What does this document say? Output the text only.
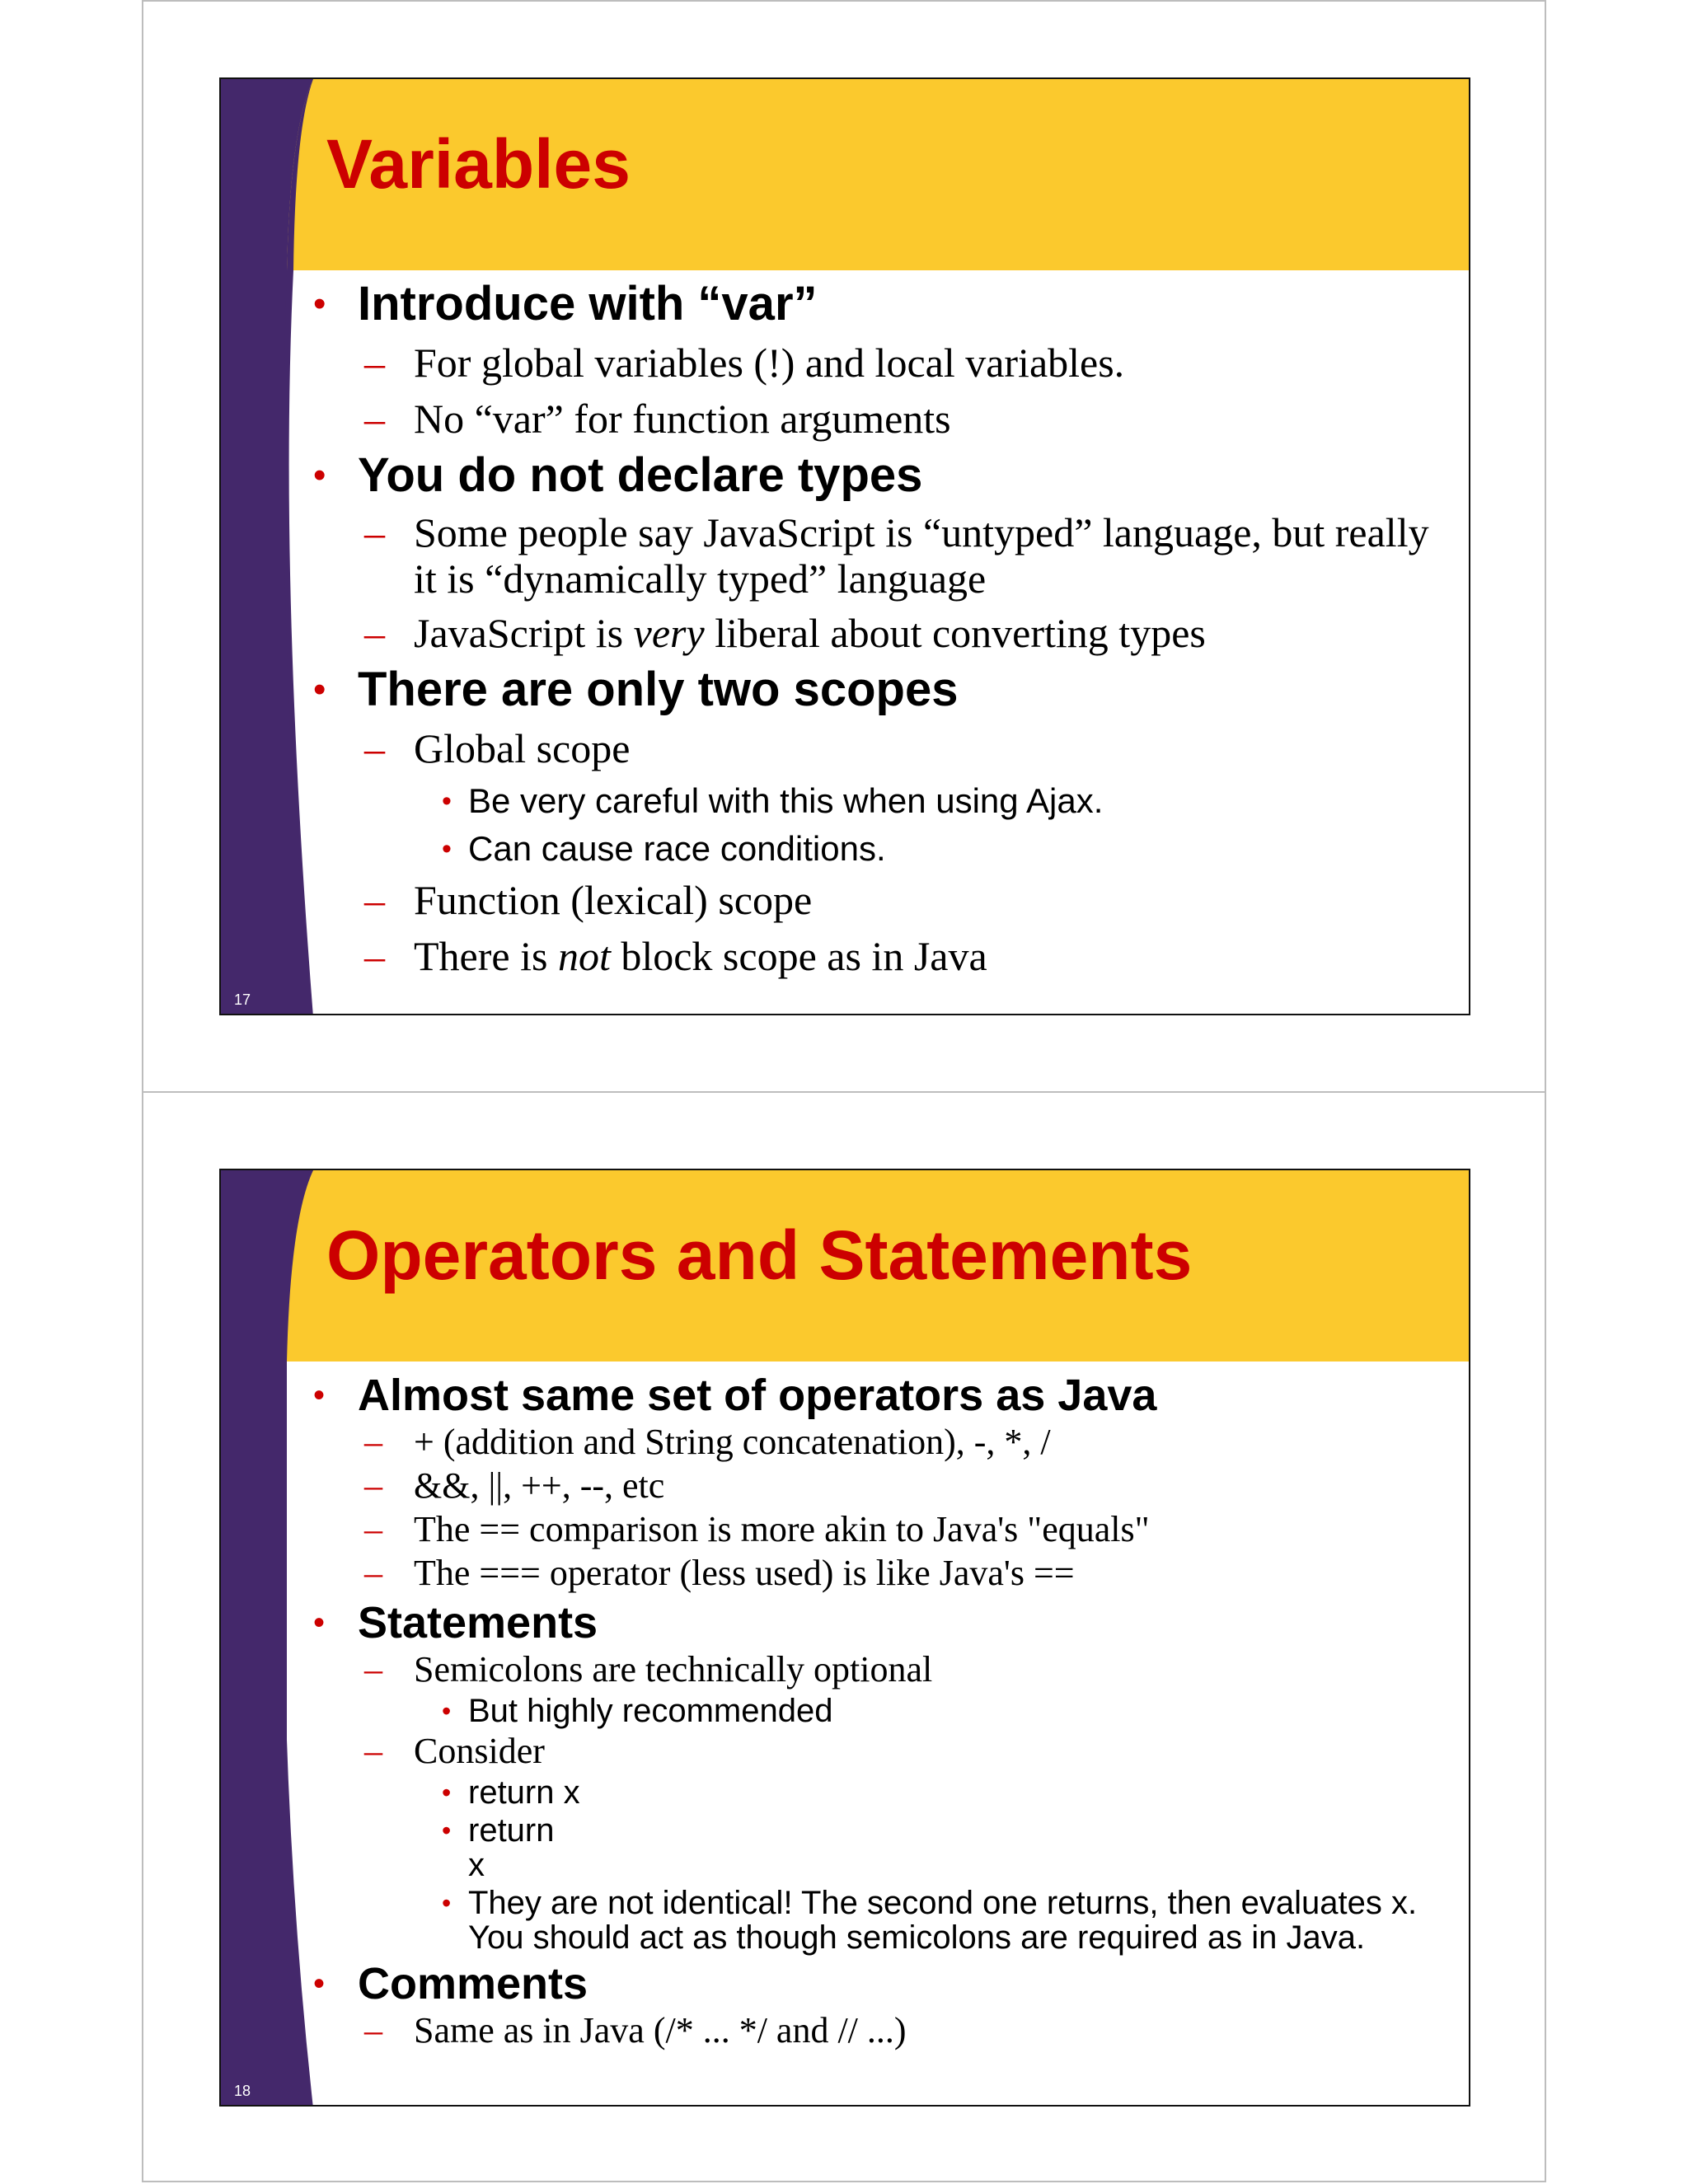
Variables
17
• Introduce with “var”
– For global variables (!) and local variables.
– No “var” for function arguments
• You do not declare types
– Some people say JavaScript is “untyped” language, but really it is “dynamically typed” language
– JavaScript is very liberal about converting types
• There are only two scopes
– Global scope
• Be very careful with this when using Ajax.
• Can cause race conditions.
– Function (lexical) scope
– There is not block scope as in Java
Operators and Statements
18
• Almost same set of operators as Java
– + (addition and String concatenation), -, *, /
– &&, ||, ++, --, etc
– The == comparison is more akin to Java's "equals"
– The === operator (less used) is like Java's ==
• Statements
– Semicolons are technically optional
• But highly recommended
– Consider
• return x
• return
x
• They are not identical! The second one returns, then evaluates x. You should act as though semicolons are required as in Java.
• Comments
– Same as in Java (/* ... */ and // ...)
